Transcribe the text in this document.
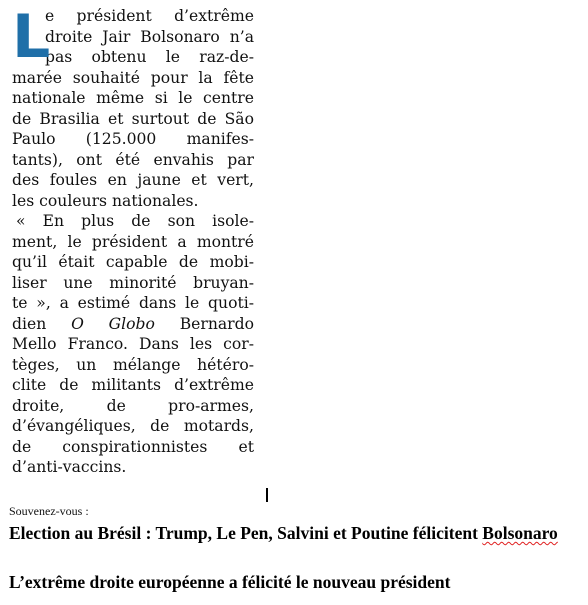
L
e président d’extrême
droite Jair Bolsonaro n’a
pas obtenu le raz-de-
marée souhaité pour la fête
nationale même si le centre
de Brasilia et surtout de São
Paulo (125.000 manifes-
tants), ont été envahis par
des foules en jaune et vert,
les couleurs nationales.
« En plus de son isole-
ment, le président a montré
qu’il était capable de mobi-
liser une minorité bruyan-
te », a estimé dans le quoti-
dien O Globo Bernardo
Mello Franco. Dans les cor-
tèges, un mélange hétéro-
clite de militants d’extrême
droite, de pro-armes,
d’évangéliques, de motards,
de conspirationnistes et
d’anti-vaccins.
Souvenez-vous :
Election au Brésil : Trump, Le Pen, Salvini et Poutine félicitent Bolsonaro
L’extrême droite européenne a félicité le nouveau président
